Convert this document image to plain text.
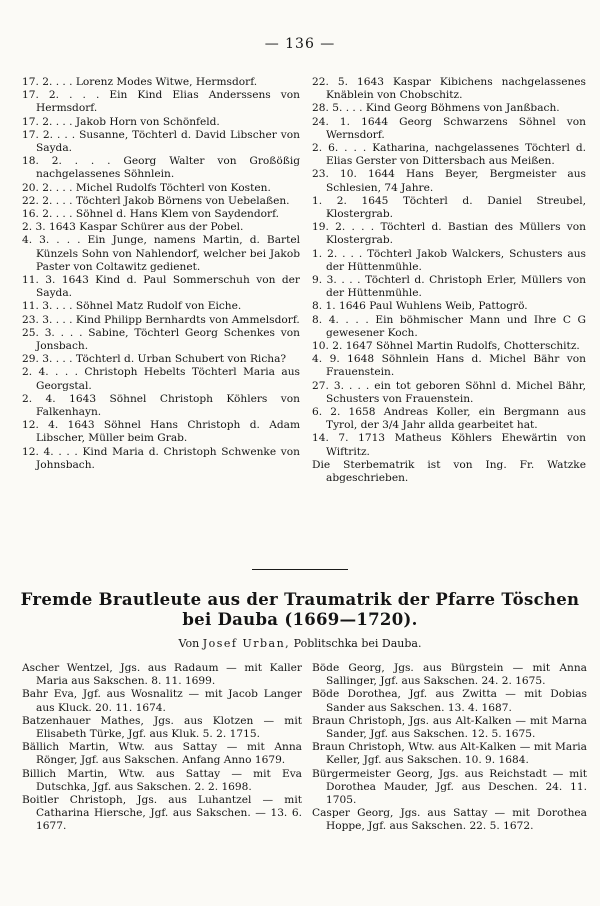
— 136 —

17. 2. . . . Lorenz Modes Witwe, Hermsdorf.

17. 2. . . . Ein Kind Elias Anderssens von Hermsdorf.

17. 2. . . . Jakob Horn von Schönfeld.

17. 2. . . . Susanne, Töchterl d. David Libscher von Sayda.

18. 2. . . . Georg Walter von Großößig nachgelassenes Söhnlein.

20. 2. . . . Michel Rudolfs Töchterl von Kosten.

22. 2. . . . Töchterl Jakob Börnens von Uebelaßen.

16. 2. . . . Söhnel d. Hans Klem von Saydendorf.

2. 3. 1643 Kaspar Schürer aus der Pobel.

4. 3. . . . Ein Junge, namens Martin, d. Bartel Künzels Sohn von Nahlendorf, welcher bei Jakob Paster von Coltawitz gedienet.

11. 3. 1643 Kind d. Paul Sommerschuh von der Sayda.

11. 3. . . . Söhnel Matz Rudolf von Eiche.

23. 3. . . . Kind Philipp Bernhardts von Ammelsdorf.

25. 3. . . . Sabine, Töchterl Georg Schenkes von Jonsbach.

29. 3. . . . Töchterl d. Urban Schubert von Richa?

2. 4. . . . Christoph Hebelts Töchterl Maria aus Georgstal.

2. 4. 1643 Söhnel Christoph Köhlers von Falkenhayn.

12. 4. 1643 Söhnel Hans Christoph d. Adam Libscher, Müller beim Grab.

12. 4. . . . Kind Maria d. Christoph Schwenke von Johnsbach.

22. 5. 1643 Kaspar Kibichens nachgelassenes Knäblein von Chobschitz.

28. 5. . . . Kind Georg Böhmens von Janßbach.

24. 1. 1644 Georg Schwarzens Söhnel von Wernsdorf.

2. 6. . . . Katharina, nachgelassenes Töchterl d. Elias Gerster von Dittersbach aus Meißen.

23. 10. 1644 Hans Beyer, Bergmeister aus Schlesien, 74 Jahre.

1. 2. 1645 Töchterl d. Daniel Streubel, Klostergrab.

19. 2. . . . Töchterl d. Bastian des Müllers von Klostergrab.

1. 2. . . . Töchterl Jakob Walckers, Schusters aus der Hüttenmühle.

9. 3. . . . Töchterl d. Christoph Erler, Müllers von der Hüttenmühle.

8. 1. 1646 Paul Wuhlens Weib, Pattogrö.

8. 4. . . . Ein böhmischer Mann und Ihre C G gewesener Koch.

10. 2. 1647 Söhnel Martin Rudolfs, Chotterschitz.

4. 9. 1648 Söhnlein Hans d. Michel Bähr von Frauenstein.

27. 3. . . . ein tot geboren Söhnl d. Michel Bähr, Schusters von Frauenstein.

6. 2. 1658 Andreas Koller, ein Bergmann aus Tyrol, der 3/4 Jahr allda gearbeitet hat.

14. 7. 1713 Matheus Köhlers Ehewärtin von Wiftritz.

Die Sterbematrik ist von Ing. Fr. Watzke abgeschrieben.

Fremde Brautleute aus der Traumatrik der Pfarre Töschen bei Dauba (1669—1720).
Von Josef Urban, Poblitschka bei Dauba.

Ascher Wentzel, Jgs. aus Radaum — mit Kaller Maria aus Sakschen. 8. 11. 1699.

Bahr Eva, Jgf. aus Wosnalitz — mit Jacob Langer aus Kluck. 20. 11. 1674.

Batzenhauer Mathes, Jgs. aus Klotzen — mit Elisabeth Türke, Jgf. aus Kluk. 5. 2. 1715.

Bällich Martin, Wtw. aus Sattay — mit Anna Rönger, Jgf. aus Sakschen. Anfang Anno 1679.

Billich Martin, Wtw. aus Sattay — mit Eva Dutschka, Jgf. aus Sakschen. 2. 2. 1698.

Boitler Christoph, Jgs. aus Luhantzel — mit Catharina Hiersche, Jgf. aus Sakschen. — 13. 6. 1677.

Böde Georg, Jgs. aus Bürgstein — mit Anna Sallinger, Jgf. aus Sakschen. 24. 2. 1675.

Böde Dorothea, Jgf. aus Zwitta — mit Dobias Sander aus Sakschen. 13. 4. 1687.

Braun Christoph, Jgs. aus Alt-Kalken — mit Marna Sander, Jgf. aus Sakschen. 12. 5. 1675.

Braun Christoph, Wtw. aus Alt-Kalken — mit Maria Keller, Jgf. aus Sakschen. 10. 9. 1684.

Bürgermeister Georg, Jgs. aus Reichstadt — mit Dorothea Mauder, Jgf. aus Deschen. 24. 11. 1705.

Casper Georg, Jgs. aus Sattay — mit Dorothea Hoppe, Jgf. aus Sakschen. 22. 5. 1672.
